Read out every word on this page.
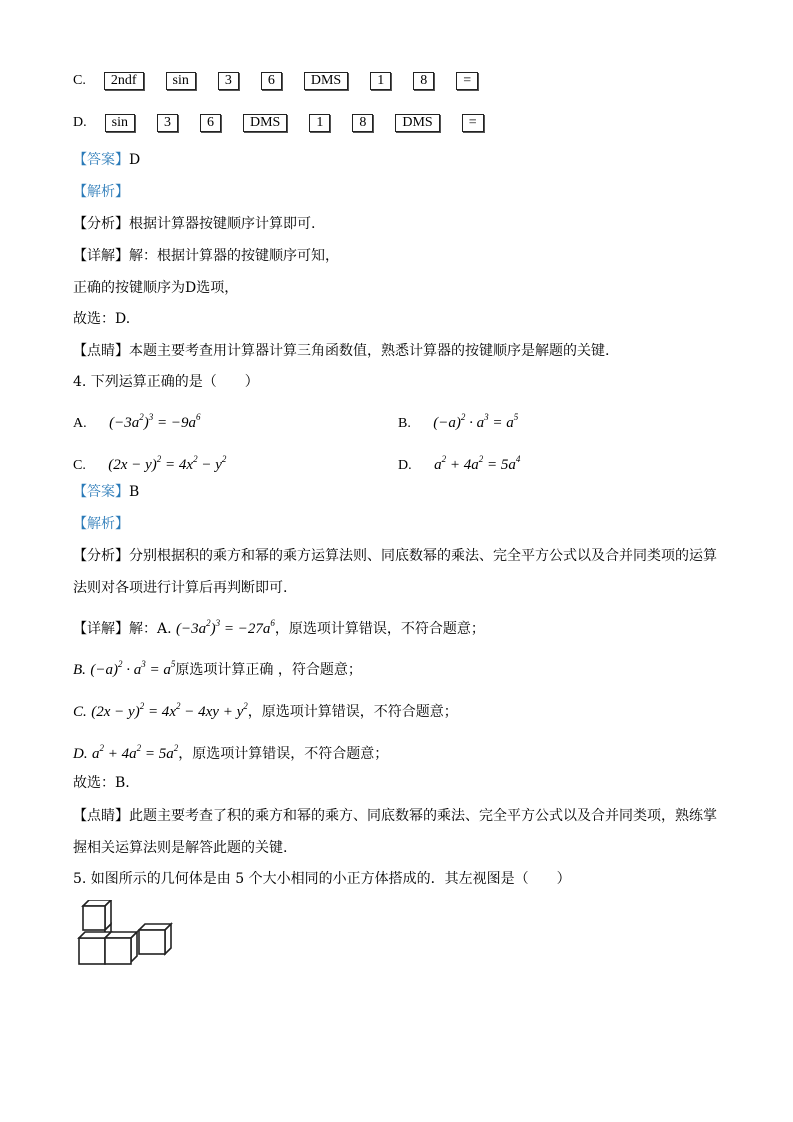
C.	2ndf	sin	3	6	DMS	1	8	=
D.	sin	3	6	DMS	1	8	DMS	=
【答案】D
【解析】
【分析】根据计算器按键顺序计算即可.
【详解】解：根据计算器的按键顺序可知，
正确的按键顺序为D选项，
故选：D.
【点睛】本题主要考查用计算器计算三角函数值，熟悉计算器的按键顺序是解题的关键.
4. 下列运算正确的是（　　）
A. $(-3a^2)^3 = -9a^6$	B. $(-a)^2 \cdot a^3 = a^5$
C. $(2x - y)^2 = 4x^2 - y^2$	D. $a^2 + 4a^2 = 5a^4$
【答案】B
【解析】
【分析】分别根据积的乘方和幂的乘方运算法则、同底数幂的乘法、完全平方公式以及合并同类项的运算
法则对各项进行计算后再判断即可.
【详解】解：A. $(-3a^2)^3 = -27a^6$，原选项计算错误，不符合题意；
B. $(-a)^2 \cdot a^3 = a^5$原选项计算正确 ，符合题意；
C. $(2x - y)^2 = 4x^2 - 4xy + y^2$，原选项计算错误，不符合题意；
D. $a^2 + 4a^2 = 5a^2$，原选项计算错误，不符合题意；
故选：B.
【点睛】此题主要考查了积的乘方和幂的乘方、同底数幂的乘法、完全平方公式以及合并同类项，熟练掌
握相关运算法则是解答此题的关键.
5. 如图所示的几何体是由 5 个大小相同的小正方体搭成的．其左视图是（　　）
